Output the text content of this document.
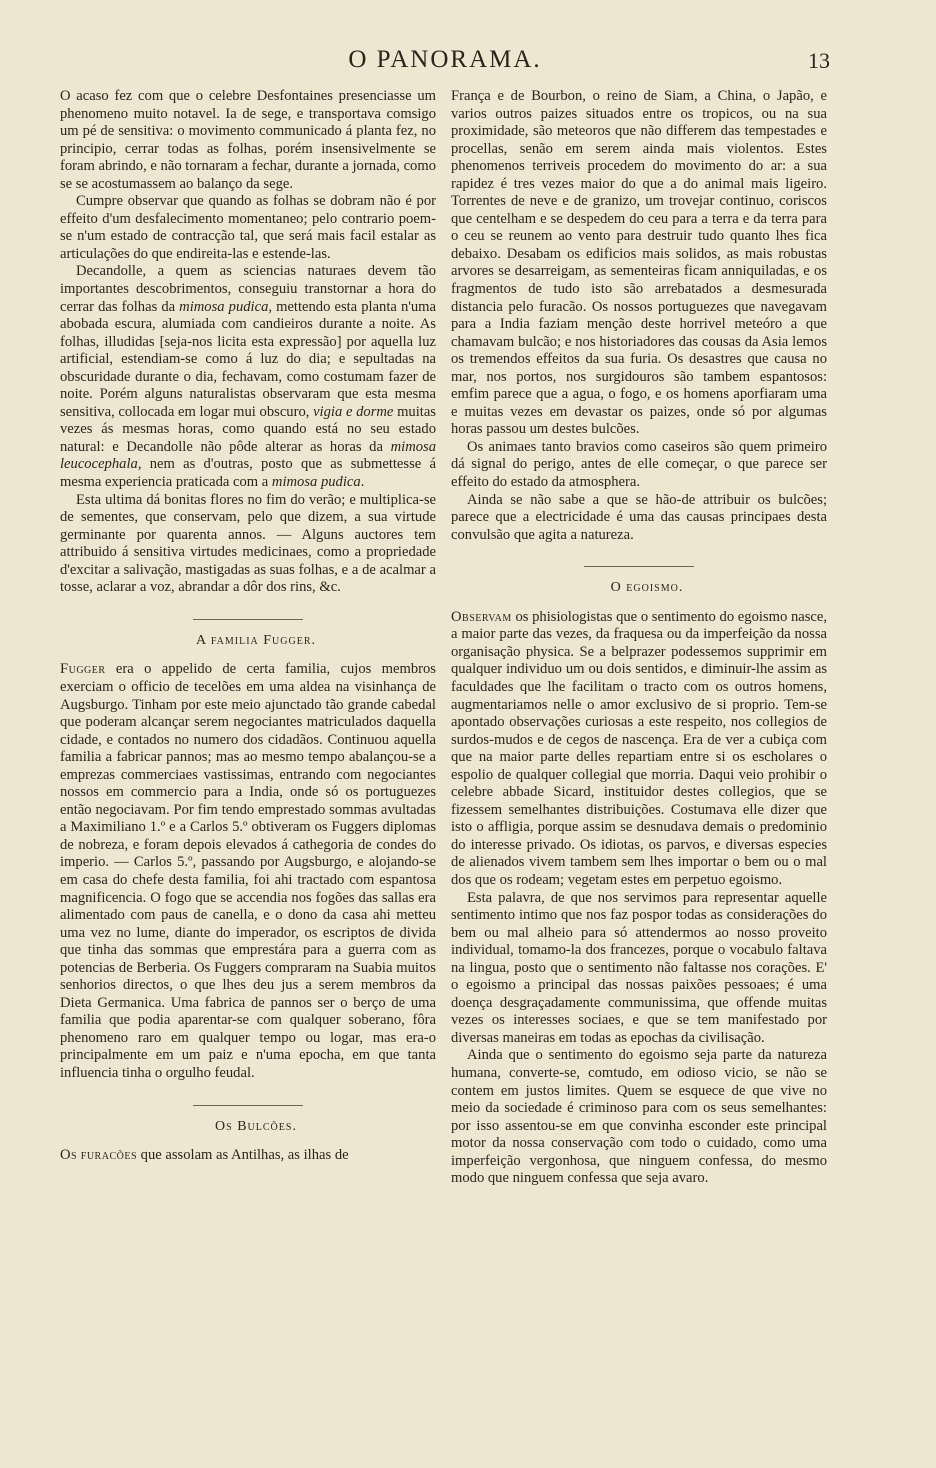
O PANORAMA.	13

O acaso fez com que o celebre Desfontaines presenciasse um phenomeno muito notavel. Ia de sege, e transportava comsigo um pé de sensitiva: o movimento communicado á planta fez, no principio, cerrar todas as folhas, porém insensivelmente se foram abrindo, e não tornaram a fechar, durante a jornada, como se se acostumassem ao balanço da sege.

Cumpre observar que quando as folhas se dobram não é por effeito d'um desfalecimento momentaneo; pelo contrario poem-se n'um estado de contracção tal, que será mais facil estalar as articulações do que endireita-las e estende-las.

Decandolle, a quem as sciencias naturaes devem tão importantes descobrimentos, conseguiu transtornar a hora do cerrar das folhas da mimosa pudica, mettendo esta planta n'uma abobada escura, alumiada com candieiros durante a noite. As folhas, illudidas [seja-nos licita esta expressão] por aquella luz artificial, estendiam-se como á luz do dia; e sepultadas na obscuridade durante o dia, fechavam, como costumam fazer de noite. Porém alguns naturalistas observaram que esta mesma sensitiva, collocada em logar mui obscuro, vigia e dorme muitas vezes ás mesmas horas, como quando está no seu estado natural: e Decandolle não pôde alterar as horas da mimosa leucocephala, nem as d'outras, posto que as submettesse á mesma experiencia praticada com a mimosa pudica.

Esta ultima dá bonitas flores no fim do verão; e multiplica-se de sementes, que conservam, pelo que dizem, a sua virtude germinante por quarenta annos. — Alguns auctores tem attribuido á sensitiva virtudes medicinaes, como a propriedade d'excitar a salivação, mastigadas as suas folhas, e a de acalmar a tosse, aclarar a voz, abrandar a dôr dos rins, &c.

A familia Fugger.

Fugger era o appelido de certa familia, cujos membros exerciam o officio de tecelões em uma aldea na visinhança de Augsburgo. Tinham por este meio ajunctado tão grande cabedal que poderam alcançar serem negociantes matriculados daquella cidade, e contados no numero dos cidadãos. Continuou aquella familia a fabricar pannos; mas ao mesmo tempo abalançou-se a emprezas commerciaes vastissimas, entrando com negociantes nossos em commercio para a India, onde só os portuguezes então negociavam. Por fim tendo emprestado sommas avultadas a Maximiliano 1.º e a Carlos 5.º obtiveram os Fuggers diplomas de nobreza, e foram depois elevados á cathegoria de condes do imperio. — Carlos 5.º, passando por Augsburgo, e alojando-se em casa do chefe desta familia, foi ahi tractado com espantosa magnificencia. O fogo que se accendia nos fogões das sallas era alimentado com paus de canella, e o dono da casa ahi metteu uma vez no lume, diante do imperador, os escriptos de divida que tinha das sommas que emprestára para a guerra com as potencias de Berberia. Os Fuggers compraram na Suabia muitos senhorios directos, o que lhes deu jus a serem membros da Dieta Germanica. Uma fabrica de pannos ser o berço de uma familia que podia aparentar-se com qualquer soberano, fôra phenomeno raro em qualquer tempo ou logar, mas era-o principalmente em um paiz e n'uma epocha, em que tanta influencia tinha o orgulho feudal.

Os Bulcões.

Os furacões que assolam as Antilhas, as ilhas de

França e de Bourbon, o reino de Siam, a China, o Japão, e varios outros paizes situados entre os tropicos, ou na sua proximidade, são meteoros que não differem das tempestades e procellas, senão em serem ainda mais violentos. Estes phenomenos terriveis procedem do movimento do ar: a sua rapidez é tres vezes maior do que a do animal mais ligeiro. Torrentes de neve e de granizo, um trovejar continuo, coriscos que centelham e se despedem do ceu para a terra e da terra para o ceu se reunem ao vento para destruir tudo quanto lhes fica debaixo. Desabam os edificios mais solidos, as mais robustas arvores se desarreigam, as sementeiras ficam anniquiladas, e os fragmentos de tudo isto são arrebatados a desmesurada distancia pelo furacão. Os nossos portuguezes que navegavam para a India faziam menção deste horrivel meteóro a que chamavam bulcão; e nos historiadores das cousas da Asia lemos os tremendos effeitos da sua furia. Os desastres que causa no mar, nos portos, nos surgidouros são tambem espantosos: emfim parece que a agua, o fogo, e os homens aporfiaram uma e muitas vezes em devastar os paizes, onde só por algumas horas passou um destes bulcões.

Os animaes tanto bravios como caseiros são quem primeiro dá signal do perigo, antes de elle começar, o que parece ser effeito do estado da atmosphera.

Ainda se não sabe a que se hão-de attribuir os bulcões; parece que a electricidade é uma das causas principaes desta convulsão que agita a natureza.

O egoismo.

Observam os phisiologistas que o sentimento do egoismo nasce, a maior parte das vezes, da fraquesa ou da imperfeição da nossa organisação physica. Se a belprazer podessemos supprimir em qualquer individuo um ou dois sentidos, e diminuir-lhe assim as faculdades que lhe facilitam o tracto com os outros homens, augmentariamos nelle o amor exclusivo de si proprio. Tem-se apontado observações curiosas a este respeito, nos collegios de surdos-mudos e de cegos de nascença. Era de ver a cubiça com que na maior parte delles repartiam entre si os escholares o espolio de qualquer collegial que morria. Daqui veio prohibir o celebre abbade Sicard, instituidor destes collegios, que se fizessem semelhantes distribuições. Costumava elle dizer que isto o affligia, porque assim se desnudava demais o predominio do interesse privado. Os idiotas, os parvos, e diversas especies de alienados vivem tambem sem lhes importar o bem ou o mal dos que os rodeam; vegetam estes em perpetuo egoismo.

Esta palavra, de que nos servimos para representar aquelle sentimento intimo que nos faz pospor todas as considerações do bem ou mal alheio para só attendermos ao nosso proveito individual, tomamo-la dos francezes, porque o vocabulo faltava na lingua, posto que o sentimento não faltasse nos corações. E' o egoismo a principal das nossas paixões pessoaes; é uma doença desgraçadamente communissima, que offende muitas vezes os interesses sociaes, e que se tem manifestado por diversas maneiras em todas as epochas da civilisação.

Ainda que o sentimento do egoismo seja parte da natureza humana, converte-se, comtudo, em odioso vicio, se não se contem em justos limites. Quem se esquece de que vive no meio da sociedade é criminoso para com os seus semelhantes: por isso assentou-se em que convinha esconder este principal motor da nossa conservação com todo o cuidado, como uma imperfeição vergonhosa, que ninguem confessa, do mesmo modo que ninguem confessa que seja avaro.
